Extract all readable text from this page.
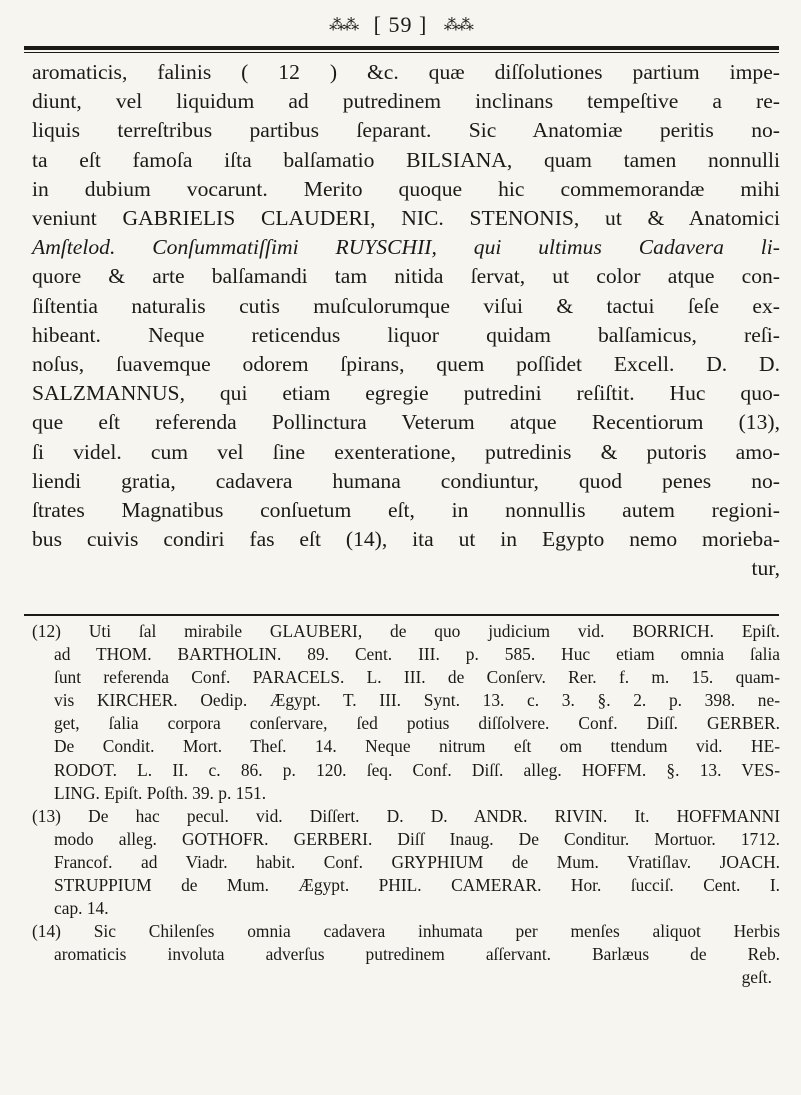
⁂⁂ [ 59 ] ⁂⁂
aromaticis, falinis ( 12 ) &c. quæ diſſolutiones partium impe-
diunt, vel liquidum ad putredinem inclinans tempeſtive a re-
liquis terreſtribus partibus ſeparant. Sic Anatomiæ peritis no-
ta eſt famoſa iſta balſamatio BILSIANA, quam tamen nonnulli
in dubium vocarunt. Merito quoque hic commemorandæ mihi
veniunt GABRIELIS CLAUDERI, NIC. STENONIS, ut & Anatomici
Amſtelod. Conſummatiſſimi RUYSCHII, qui ultimus Cadavera li-
quore & arte balſamandi tam nitida ſervat, ut color atque con-
ſiſtentia naturalis cutis muſculorumque viſui & tactui ſeſe ex-
hibeant. Neque reticendus liquor quidam balſamicus, reſi-
noſus, ſuavemque odorem ſpirans, quem poſſidet Excell. D. D.
SALZMANNUS, qui etiam egregie putredini reſiſtit. Huc quo-
que eſt referenda Pollinctura Veterum atque Recentiorum (13),
ſi videl. cum vel ſine exenteratione, putredinis & putoris amo-
liendi gratia, cadavera humana condiuntur, quod penes no-
ſtrates Magnatibus conſuetum eſt, in nonnullis autem regioni-
bus cuivis condiri fas eſt (14), ita ut in Egypto nemo morieba-
tur,
(12) Uti ſal mirabile GLAUBERI, de quo judicium vid. BORRICH. Epiſt.
ad THOM. BARTHOLIN. 89. Cent. III. p. 585. Huc etiam omnia ſalia
ſunt referenda Conf. PARACELS. L. III. de Conſerv. Rer. f. m. 15. quam-
vis KIRCHER. Oedip. Ægypt. T. III. Synt. 13. c. 3. §. 2. p. 398. ne-
get, ſalia corpora conſervare, ſed potius diſſolvere. Conf. Diſſ. GERBER.
De Condit. Mort. Theſ. 14. Neque nitrum eſt om ttendum vid. HE-
RODOT. L. II. c. 86. p. 120. ſeq. Conf. Diſſ. alleg. HOFFM. §. 13. VES-
LING. Epiſt. Poſth. 39. p. 151.
(13) De hac pecul. vid. Diſſert. D. D. ANDR. RIVIN. It. HOFFMANNI
modo alleg. GOTHOFR. GERBERI. Diſſ Inaug. De Conditur. Mortuor. 1712.
Francof. ad Viadr. habit. Conf. GRYPHIUM de Mum. Vratiſlav. JOACH.
STRUPPIUM de Mum. Ægypt. PHIL. CAMERAR. Hor. ſucciſ. Cent. I.
cap. 14.
(14) Sic Chilenſes omnia cadavera inhumata per menſes aliquot Herbis
aromaticis involuta adverſus putredinem aſſervant. Barlæus de Reb.
geſt.
